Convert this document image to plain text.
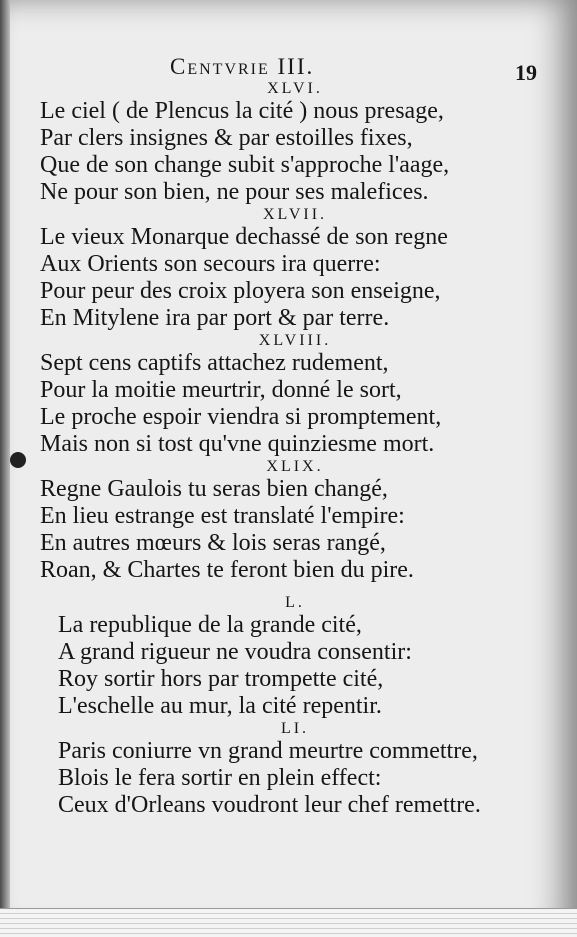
Centvrie III.	19
XLVI.
Le ciel ( de Plencus la cité ) nous presage,
Par clers insignes & par estoilles fixes,
Que de son change subit s'approche l'aage,
Ne pour son bien, ne pour ses malefices.
XLVII.
Le vieux Monarque dechassé de son regne
Aux Orients son secours ira querre:
Pour peur des croix ployera son enseigne,
En Mitylene ira par port & par terre.
XLVIII.
Sept cens captifs attachez rudement,
Pour la moitie meurtrir, donné le sort,
Le proche espoir viendra si promptement,
Mais non si tost qu'vne quinziesme mort.
XLIX.
Regne Gaulois tu seras bien changé,
En lieu estrange est translaté l'empire:
En autres mœurs & lois seras rangé,
Roan, & Chartes te feront bien du pire.
L.
La republique de la grande cité,
A grand rigueur ne voudra consentir:
Roy sortir hors par trompette cité,
L'eschelle au mur, la cité repentir.
LI.
Paris coniurre vn grand meurtre commettre,
Blois le fera sortir en plein effect:
Ceux d'Orleans voudront leur chef remettre.
